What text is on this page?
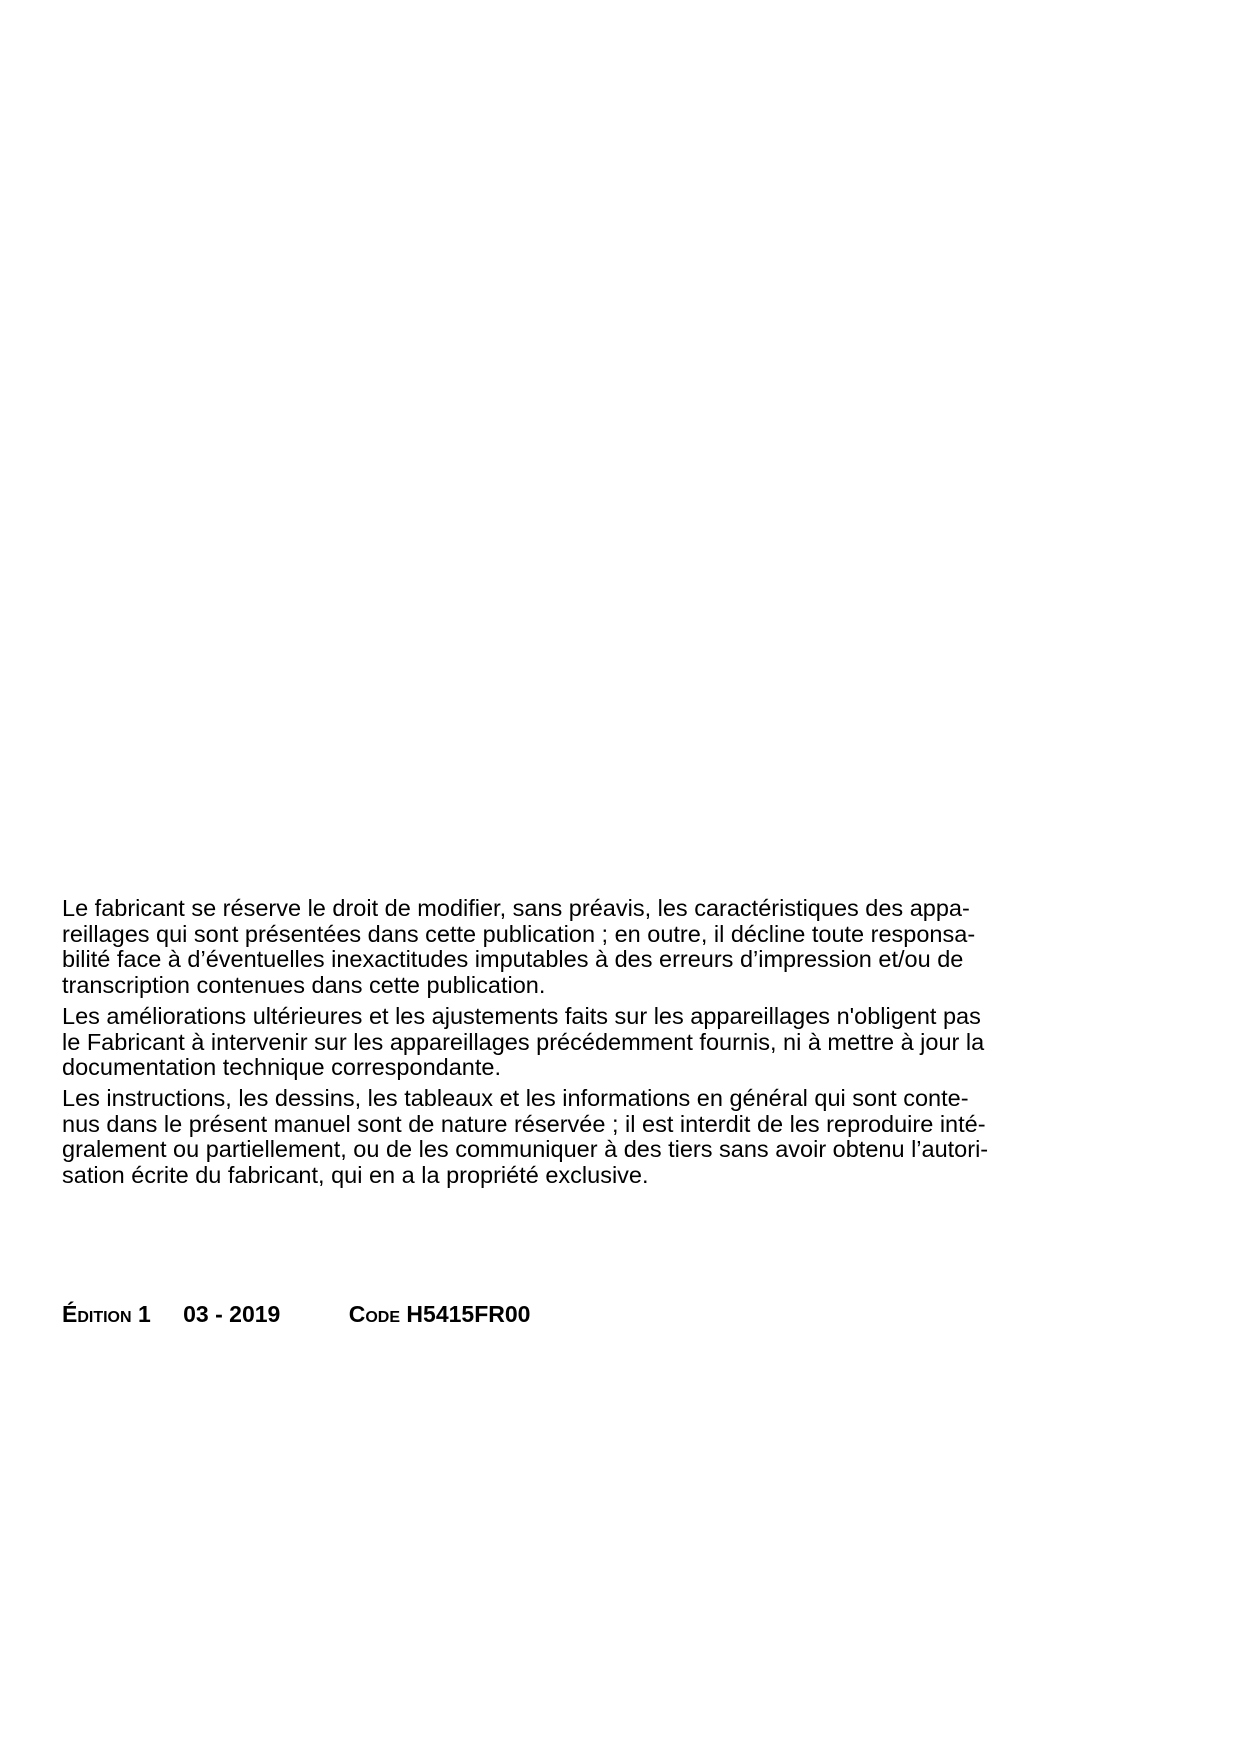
Le fabricant se réserve le droit de modifier, sans préavis, les caractéristiques des appa-
reillages qui sont présentées dans cette publication ; en outre, il décline toute responsa-
bilité face à d’éventuelles inexactitudes imputables à des erreurs d’impression et/ou de
transcription contenues dans cette publication.
Les améliorations ultérieures et les ajustements faits sur les appareillages n'obligent pas
le Fabricant à intervenir sur les appareillages précédemment fournis, ni à mettre à jour la
documentation technique correspondante.
Les instructions, les dessins, les tableaux et les informations en général qui sont conte-
nus dans le présent manuel sont de nature réservée ; il est interdit de les reproduire inté-
gralement ou partiellement, ou de les communiquer à des tiers sans avoir obtenu l’autori-
sation écrite du fabricant, qui en a la propriété exclusive.
Édition 1 03 - 2019	Code H5415FR00
